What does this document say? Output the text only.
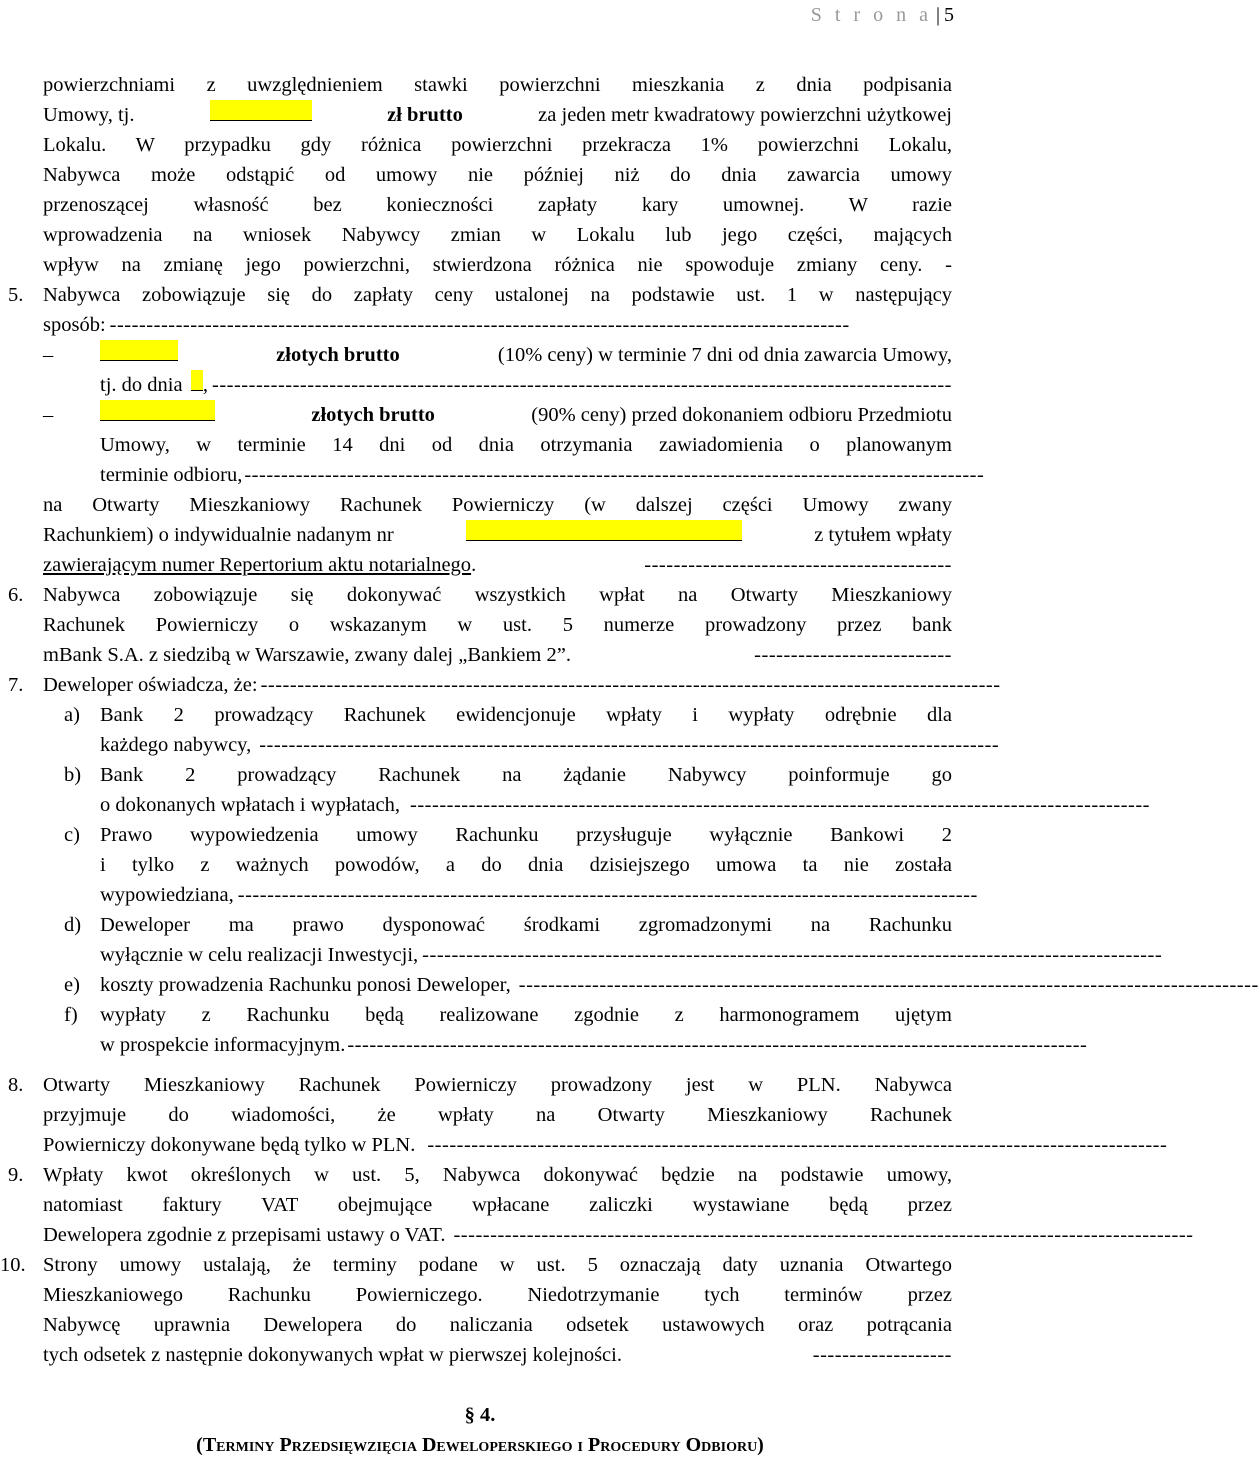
S t r o n a | 5
powierzchniami z uwzględnieniem stawki powierzchni mieszkania z dnia podpisania
Umowy, tj.	zł brutto	za jeden metr kwadratowy powierzchni użytkowej
Lokalu. W przypadku gdy różnica powierzchni przekracza 1% powierzchni Lokalu,
Nabywca może odstąpić od umowy nie później niż do dnia zawarcia umowy
przenoszącej własność bez konieczności zapłaty kary umownej. W razie
wprowadzenia na wniosek Nabywcy zmian w Lokalu lub jego części, mających
wpływ na zmianę jego powierzchni, stwierdzona różnica nie spowoduje zmiany ceny. -
5. Nabywca zobowiązuje się do zapłaty ceny ustalonej na podstawie ust. 1 w następujący
sposób: -----------------------------------------------------------------------------------------------------
–	złotych brutto	(10% ceny) w terminie 7 dni od dnia zawarcia Umowy,
tj. do dnia , -----------------------------------------------------------------------------------------------------
–	złotych brutto	(90% ceny) przed dokonaniem odbioru Przedmiotu
Umowy, w terminie 14 dni od dnia otrzymania zawiadomienia o planowanym
terminie odbioru, -----------------------------------------------------------------------------------------------------
na Otwarty Mieszkaniowy Rachunek Powierniczy (w dalszej części Umowy zwany
Rachunkiem) o indywidualnie nadanym nr	z tytułem wpłaty
zawierającym numer Repertorium aktu notarialnego .	------------------------------------------
6. Nabywca zobowiązuje się dokonywać wszystkich wpłat na Otwarty Mieszkaniowy
Rachunek Powierniczy o wskazanym w ust. 5 numerze prowadzony przez bank
mBank S.A. z siedzibą w Warszawie, zwany dalej „Bankiem 2”.	---------------------------
7. Deweloper oświadcza, że: -----------------------------------------------------------------------------------------------------
a) Bank 2 prowadzący Rachunek ewidencjonuje wpłaty i wypłaty odrębnie dla
każdego nabywcy, -----------------------------------------------------------------------------------------------------
b) Bank 2 prowadzący Rachunek na żądanie Nabywcy poinformuje go
o dokonanych wpłatach i wypłatach, -----------------------------------------------------------------------------------------------------
c) Prawo wypowiedzenia umowy Rachunku przysługuje wyłącznie Bankowi 2
i tylko z ważnych powodów, a do dnia dzisiejszego umowa ta nie została
wypowiedziana, -----------------------------------------------------------------------------------------------------
d) Deweloper ma prawo dysponować środkami zgromadzonymi na Rachunku
wyłącznie w celu realizacji Inwestycji, -----------------------------------------------------------------------------------------------------
e) koszty prowadzenia Rachunku ponosi Deweloper, -----------------------------------------------------------------------------------------------------
f) wypłaty z Rachunku będą realizowane zgodnie z harmonogramem ujętym
w prospekcie informacyjnym. -----------------------------------------------------------------------------------------------------
8. Otwarty Mieszkaniowy Rachunek Powierniczy prowadzony jest w PLN. Nabywca
przyjmuje do wiadomości, że wpłaty na Otwarty Mieszkaniowy Rachunek
Powierniczy dokonywane będą tylko w PLN. -----------------------------------------------------------------------------------------------------
9. Wpłaty kwot określonych w ust. 5, Nabywca dokonywać będzie na podstawie umowy,
natomiast faktury VAT obejmujące wpłacane zaliczki wystawiane będą przez
Dewelopera zgodnie z przepisami ustawy o VAT. -----------------------------------------------------------------------------------------------------
10. Strony umowy ustalają, że terminy podane w ust. 5 oznaczają daty uznania Otwartego
Mieszkaniowego Rachunku Powierniczego. Niedotrzymanie tych terminów przez
Nabywcę uprawnia Dewelopera do naliczania odsetek ustawowych oraz potrącania
tych odsetek z następnie dokonywanych wpłat w pierwszej kolejności.	-------------------
§ 4.
(Terminy Przedsięwzięcia Deweloperskiego i Procedury Odbioru)
